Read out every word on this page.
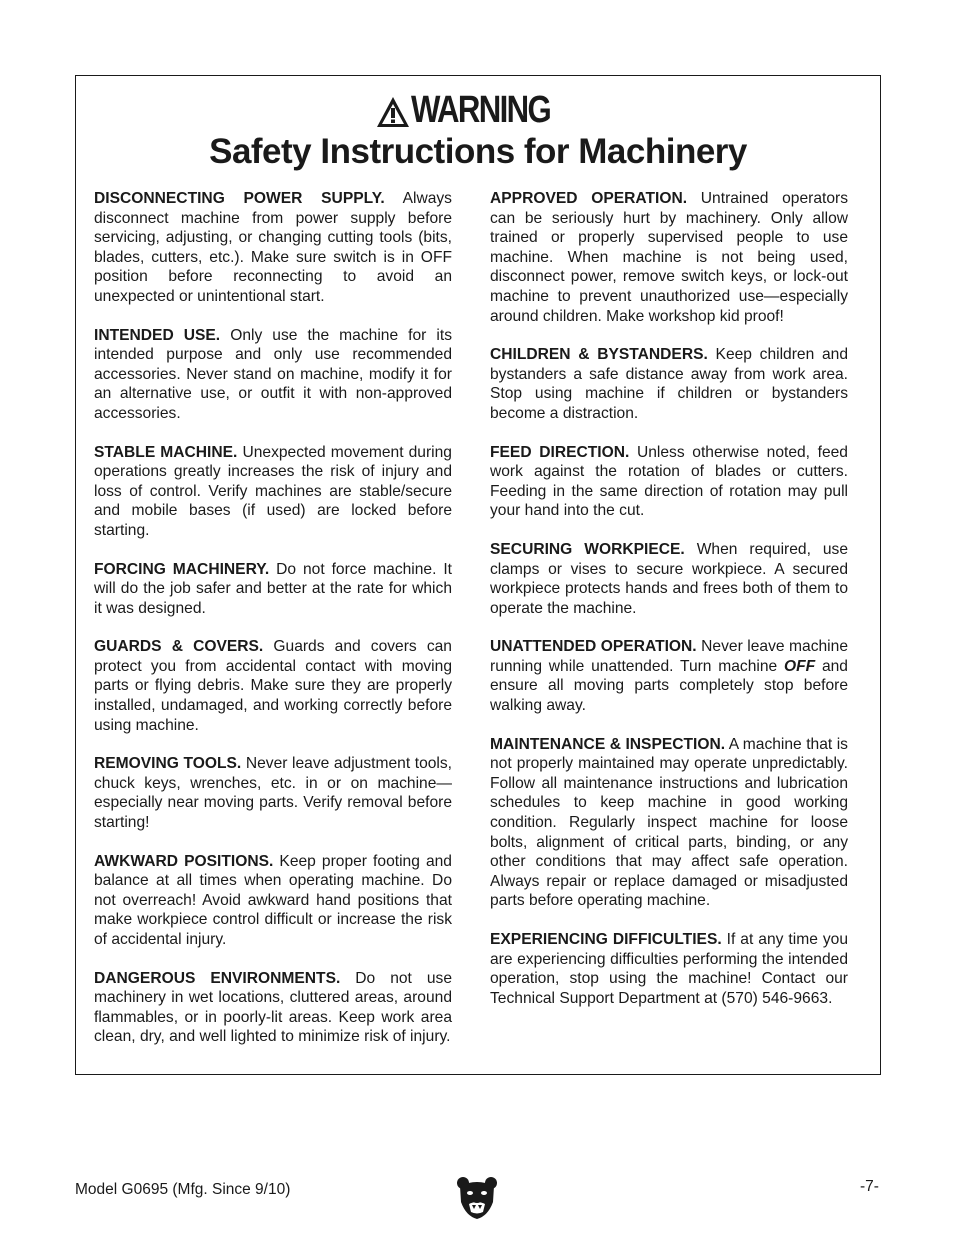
WARNING
Safety Instructions for Machinery

DISCONNECTING POWER SUPPLY. Always disconnect machine from power supply before servicing, adjusting, or changing cutting tools (bits, blades, cutters, etc.). Make sure switch is in OFF position before reconnecting to avoid an unexpected or unintentional start.

INTENDED USE. Only use the machine for its intended purpose and only use recommended accessories. Never stand on machine, modify it for an alternative use, or outfit it with non-approved accessories.

STABLE MACHINE. Unexpected movement during operations greatly increases the risk of injury and loss of control. Verify machines are stable/secure and mobile bases (if used) are locked before starting.

FORCING MACHINERY. Do not force machine. It will do the job safer and better at the rate for which it was designed.

GUARDS & COVERS. Guards and covers can protect you from accidental contact with moving parts or flying debris. Make sure they are properly installed, undamaged, and working correctly before using machine.

REMOVING TOOLS. Never leave adjustment tools, chuck keys, wrenches, etc. in or on machine—especially near moving parts. Verify removal before starting!

AWKWARD POSITIONS. Keep proper footing and balance at all times when operating machine. Do not overreach! Avoid awkward hand positions that make workpiece control difficult or increase the risk of accidental injury.

DANGEROUS ENVIRONMENTS. Do not use machinery in wet locations, cluttered areas, around flammables, or in poorly-lit areas. Keep work area clean, dry, and well lighted to minimize risk of injury.

APPROVED OPERATION. Untrained operators can be seriously hurt by machinery. Only allow trained or properly supervised people to use machine. When machine is not being used, disconnect power, remove switch keys, or lock-out machine to prevent unauthorized use—especially around children. Make workshop kid proof!

CHILDREN & BYSTANDERS. Keep children and bystanders a safe distance away from work area. Stop using machine if children or bystanders become a distraction.

FEED DIRECTION. Unless otherwise noted, feed work against the rotation of blades or cutters. Feeding in the same direction of rotation may pull your hand into the cut.

SECURING WORKPIECE. When required, use clamps or vises to secure workpiece. A secured workpiece protects hands and frees both of them to operate the machine.

UNATTENDED OPERATION. Never leave machine running while unattended. Turn machine OFF and ensure all moving parts completely stop before walking away.

MAINTENANCE & INSPECTION. A machine that is not properly maintained may operate unpredictably. Follow all maintenance instructions and lubrication schedules to keep machine in good working condition. Regularly inspect machine for loose bolts, alignment of critical parts, binding, or any other conditions that may affect safe operation. Always repair or replace damaged or misadjusted parts before operating machine.

EXPERIENCING DIFFICULTIES. If at any time you are experiencing difficulties performing the intended operation, stop using the machine! Contact our Technical Support Department at (570) 546-9663.

Model G0695 (Mfg. Since 9/10)	-7-
